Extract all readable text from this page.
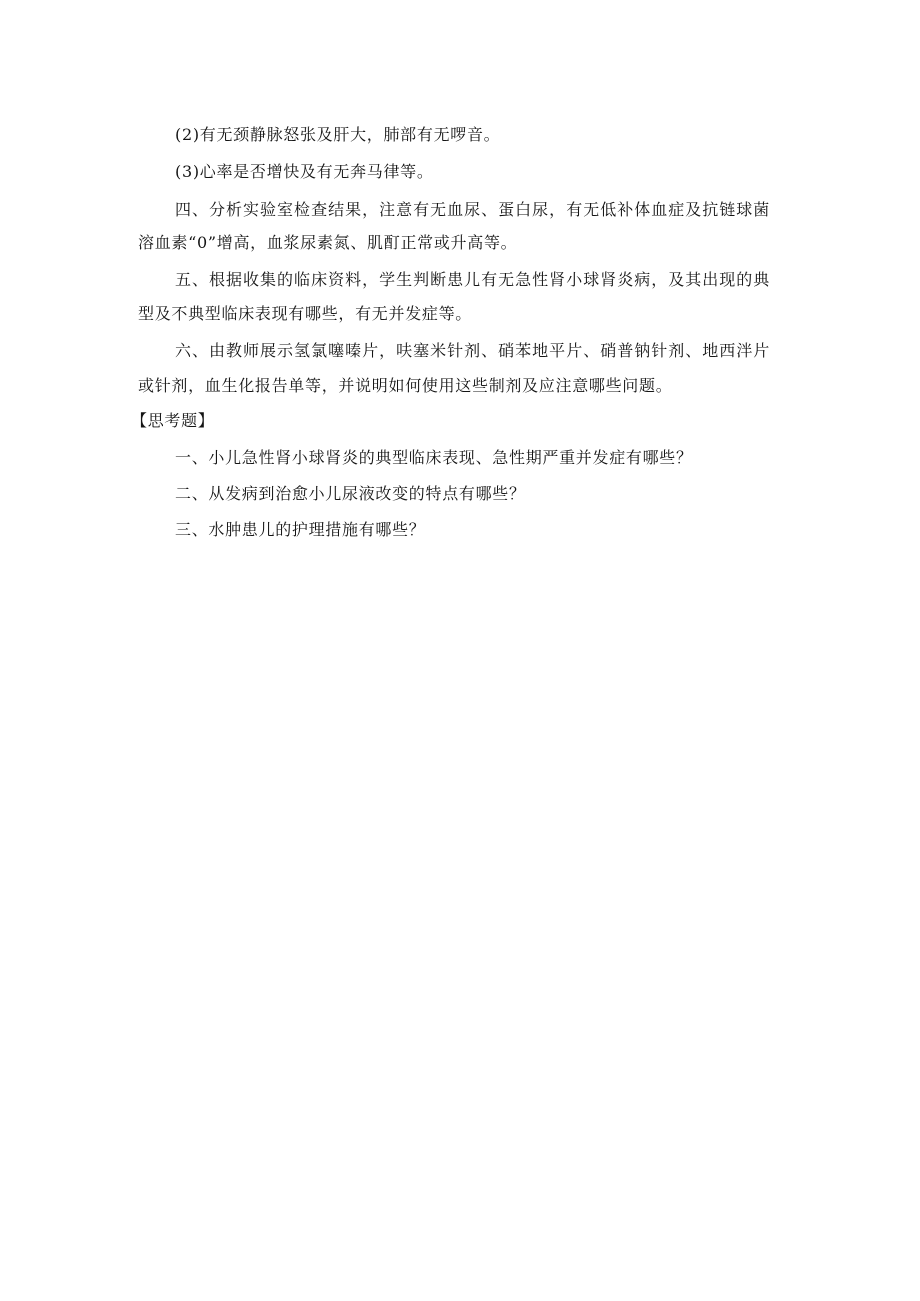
(2)有无颈静脉怒张及肝大，肺部有无啰音。
(3)心率是否增快及有无奔马律等。
四、分析实验室检查结果，注意有无血尿、蛋白尿，有无低补体血症及抗链球菌
溶血素“0”增高，血浆尿素氮、肌酊正常或升高等。
五、根据收集的临床资料，学生判断患儿有无急性肾小球肾炎病，及其出现的典
型及不典型临床表现有哪些，有无并发症等。
六、由教师展示氢氯噻嗪片，呋塞米针剂、硝苯地平片、硝普钠针剂、地西泮片
或针剂，血生化报告单等，并说明如何使用这些制剂及应注意哪些问题。
【思考题】
一、小儿急性肾小球肾炎的典型临床表现、急性期严重并发症有哪些？
二、从发病到治愈小儿尿液改变的特点有哪些？
三、水肿患儿的护理措施有哪些？
